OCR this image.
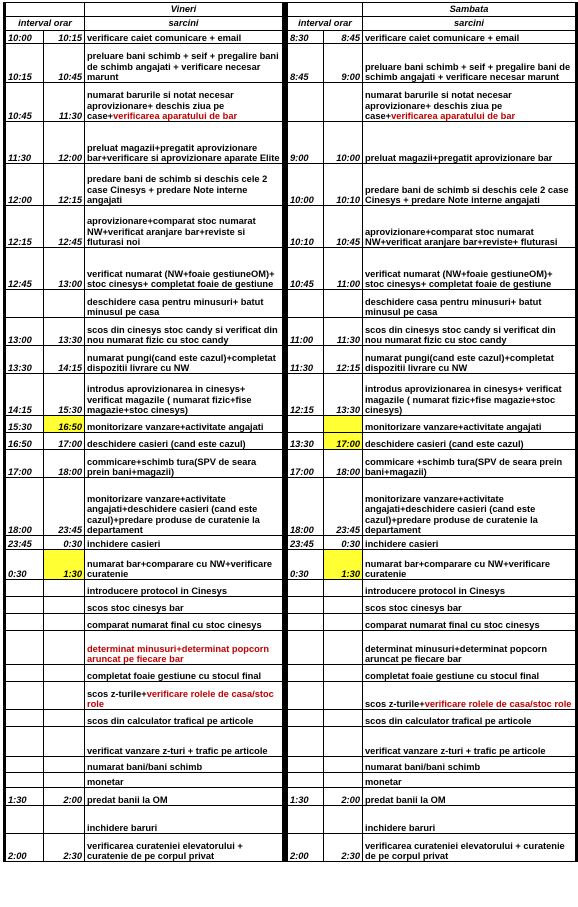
		Vineri				Sambata
interval orar		sarcini		interval orar		sarcini
10:00	10:15	verificare caiet comunicare + email		8:30	8:45	verificare caiet comunicare + email
10:15	10:45	preluare bani schimb + seif + pregalire bani de schimb angajati + verificare necesar marunt		8:45	9:00	preluare bani schimb + seif + pregalire bani de schimb angajati + verificare necesar marunt
10:45	11:30	numarat barurile si notat necesar aprovizionare+ deschis ziua pe case+verificarea aparatului de bar				numarat barurile si notat necesar aprovizionare+ deschis ziua pe case+verificarea aparatului de bar
11:30	12:00	preluat magazii+pregatit aprovizionare bar+verificare si aprovizionare aparate Elite		9:00	10:00	preluat magazii+pregatit aprovizionare bar
12:00	12:15	predare bani de schimb si deschis cele 2 case Cinesys + predare Note interne angajati		10:00	10:10	predare bani de schimb si deschis cele 2 case Cinesys + predare Note interne angajati
12:15	12:45	aprovizionare+comparat stoc numarat NW+verificat aranjare bar+reviste si fluturasi noi		10:10	10:45	aprovizionare+comparat stoc numarat NW+verificat aranjare bar+reviste+ fluturasi
12:45	13:00	verificat numarat (NW+foaie gestiuneOM)+ stoc cinesys+ completat foaie de gestiune		10:45	11:00	verificat numarat (NW+foaie gestiuneOM)+ stoc cinesys+ completat foaie de gestiune
		deschidere casa pentru minusuri+ batut minusul pe casa				deschidere casa pentru minusuri+ batut minusul pe casa
13:00	13:30	scos din cinesys stoc candy si verificat din nou numarat fizic cu stoc candy		11:00	11:30	scos din cinesys stoc candy si verificat din nou numarat fizic cu stoc candy
13:30	14:15	numarat pungi(cand este cazul)+completat dispozitii livrare cu NW		11:30	12:15	numarat pungi(cand este cazul)+completat dispozitii livrare cu NW
14:15	15:30	introdus aprovizionarea in cinesys+ verificat magazile ( numarat fizic+fise magazie+stoc cinesys)		12:15	13:30	introdus aprovizionarea in cinesys+ verificat magazile ( numarat fizic+fise magazie+stoc cinesys)
15:30	16:50	monitorizare vanzare+activitate angajati				monitorizare vanzare+activitate angajati
16:50	17:00	deschidere casieri (cand este cazul)		13:30	17:00	deschidere casieri (cand este cazul)
17:00	18:00	commicare+schimb tura(SPV de seara prein bani+magazii)		17:00	18:00	commicare +schimb tura(SPV de seara prein bani+magazii)
18:00	23:45	monitorizare vanzare+activitate angajati+deschidere casieri (cand este cazul)+predare produse de curatenie la departament		18:00	23:45	monitorizare vanzare+activitate angajati+deschidere casieri (cand este cazul)+predare produse de curatenie la departament
23:45	0:30	inchidere casieri		23:45	0:30	inchidere casieri
0:30	1:30	numarat bar+comparare cu NW+verificare curatenie		0:30	1:30	numarat bar+comparare cu NW+verificare curatenie
		introducere protocol in Cinesys				introducere protocol in Cinesys
		scos stoc cinesys bar				scos stoc cinesys bar
		comparat numarat final cu stoc cinesys				comparat numarat final cu stoc cinesys
		determinat minusuri+determinat popcorn aruncat pe fiecare bar				determinat minusuri+determinat popcorn aruncat pe fiecare bar
		completat foaie gestiune cu stocul final				completat foaie gestiune cu stocul final
		scos z-turile+verificare rolele de casa/stoc role				scos z-turile+verificare rolele de casa/stoc role
		scos din calculator trafical pe articole				scos din calculator trafical pe articole
		verificat vanzare z-turi + trafic pe articole				verificat vanzare z-turi + trafic pe articole
		numarat bani/bani schimb				numarat bani/bani schimb
		monetar				monetar
1:30	2:00	predat banii la OM		1:30	2:00	predat banii la OM
		inchidere baruri				inchidere baruri
2:00	2:30	verificarea curateniei elevatorului + curatenie de pe corpul privat		2:00	2:30	verificarea curateniei elevatorului + curatenie de pe corpul privat
